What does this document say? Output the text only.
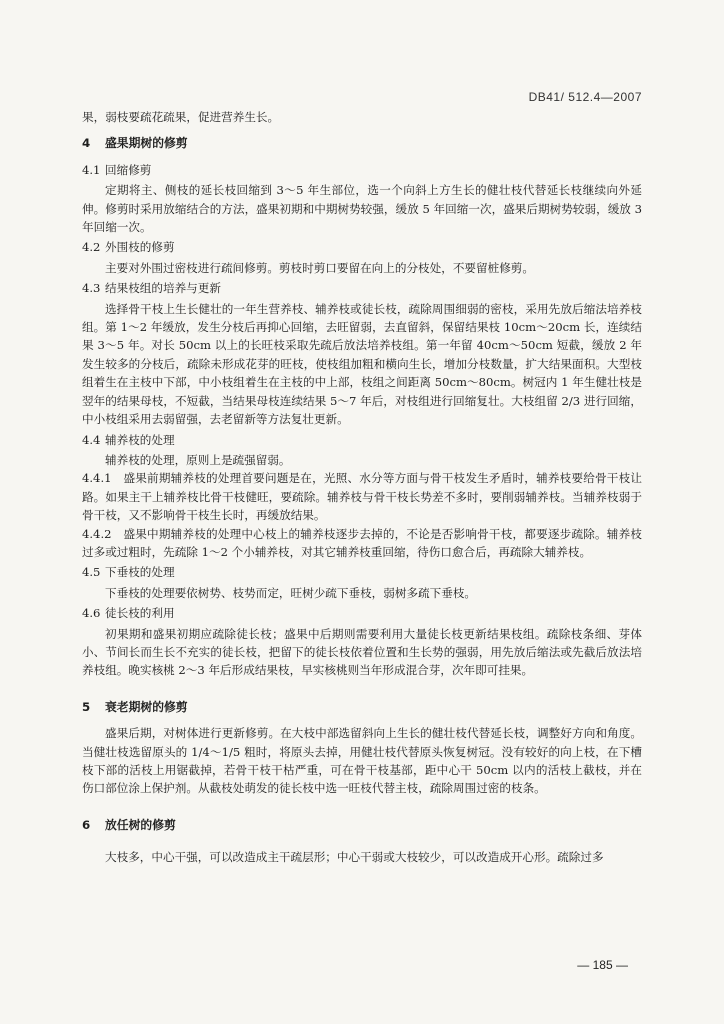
DB41/ 512.4—2007

果，弱枝要疏花疏果，促进营养生长。

4 盛果期树的修剪
4.1 回缩修剪

定期将主、侧枝的延长枝回缩到 3～5 年生部位，选一个向斜上方生长的健壮枝代替延长枝继续向外延伸。修剪时采用放缩结合的方法，盛果初期和中期树势较强，缓放 5 年回缩一次，盛果后期树势较弱，缓放 3 年回缩一次。

4.2 外围枝的修剪

主要对外围过密枝进行疏间修剪。剪枝时剪口要留在向上的分枝处，不要留桩修剪。

4.3 结果枝组的培养与更新

选择骨干枝上生长健壮的一年生营养枝、辅养枝或徒长枝，疏除周围细弱的密枝，采用先放后缩法培养枝组。第 1～2 年缓放，发生分枝后再抑心回缩，去旺留弱，去直留斜，保留结果枝 10cm～20cm 长，连续结果 3～5 年。对长 50cm 以上的长旺枝采取先疏后放法培养枝组。第一年留 40cm～50cm 短截，缓放 2 年发生较多的分枝后，疏除未形成花芽的旺枝，使枝组加粗和横向生长，增加分枝数量，扩大结果面积。大型枝组着生在主枝中下部，中小枝组着生在主枝的中上部，枝组之间距离 50cm～80cm。树冠内 1 年生健壮枝是翌年的结果母枝，不短截，当结果母枝连续结果 5～7 年后，对枝组进行回缩复壮。大枝组留 2/3 进行回缩，中小枝组采用去弱留强，去老留新等方法复壮更新。

4.4 辅养枝的处理

辅养枝的处理，原则上是疏强留弱。

4.4.1　 盛果前期辅养枝的处理首要问题是在，光照、水分等方面与骨干枝发生矛盾时，辅养枝要给骨干枝让路。如果主干上辅养枝比骨干枝健旺，要疏除。辅养枝与骨干枝长势差不多时，要削弱辅养枝。当辅养枝弱于骨干枝，又不影响骨干枝生长时，再缓放结果。

4.4.2　 盛果中期辅养枝的处理中心枝上的辅养枝逐步去掉的，不论是否影响骨干枝，都要逐步疏除。辅养枝过多或过粗时，先疏除 1～2 个小辅养枝，对其它辅养枝重回缩，待伤口愈合后，再疏除大辅养枝。

4.5 下垂枝的处理

下垂枝的处理要依树势、枝势而定，旺树少疏下垂枝，弱树多疏下垂枝。

4.6 徒长枝的利用

初果期和盛果初期应疏除徒长枝；盛果中后期则需要利用大量徒长枝更新结果枝组。疏除枝条细、芽体小、节间长而生长不充实的徒长枝，把留下的徒长枝依着位置和生长势的强弱，用先放后缩法或先截后放法培养枝组。晚实核桃 2～3 年后形成结果枝，早实核桃则当年形成混合芽，次年即可挂果。

5 衰老期树的修剪

盛果后期，对树体进行更新修剪。在大枝中部选留斜向上生长的健壮枝代替延长枝，调整好方向和角度。当健壮枝选留原头的 1/4～1/5 粗时，将原头去掉，用健壮枝代替原头恢复树冠。没有较好的向上枝，在下槽枝下部的活枝上用锯截掉，若骨干枝干枯严重，可在骨干枝基部，距中心干 50cm 以内的活枝上截枝，并在伤口部位涂上保护剂。从截枝处萌发的徒长枝中选一旺枝代替主枝，疏除周围过密的枝条。

6 放任树的修剪

大枝多，中心干强，可以改造成主干疏层形；中心干弱或大枝较少，可以改造成开心形。疏除过多

— 185 —
